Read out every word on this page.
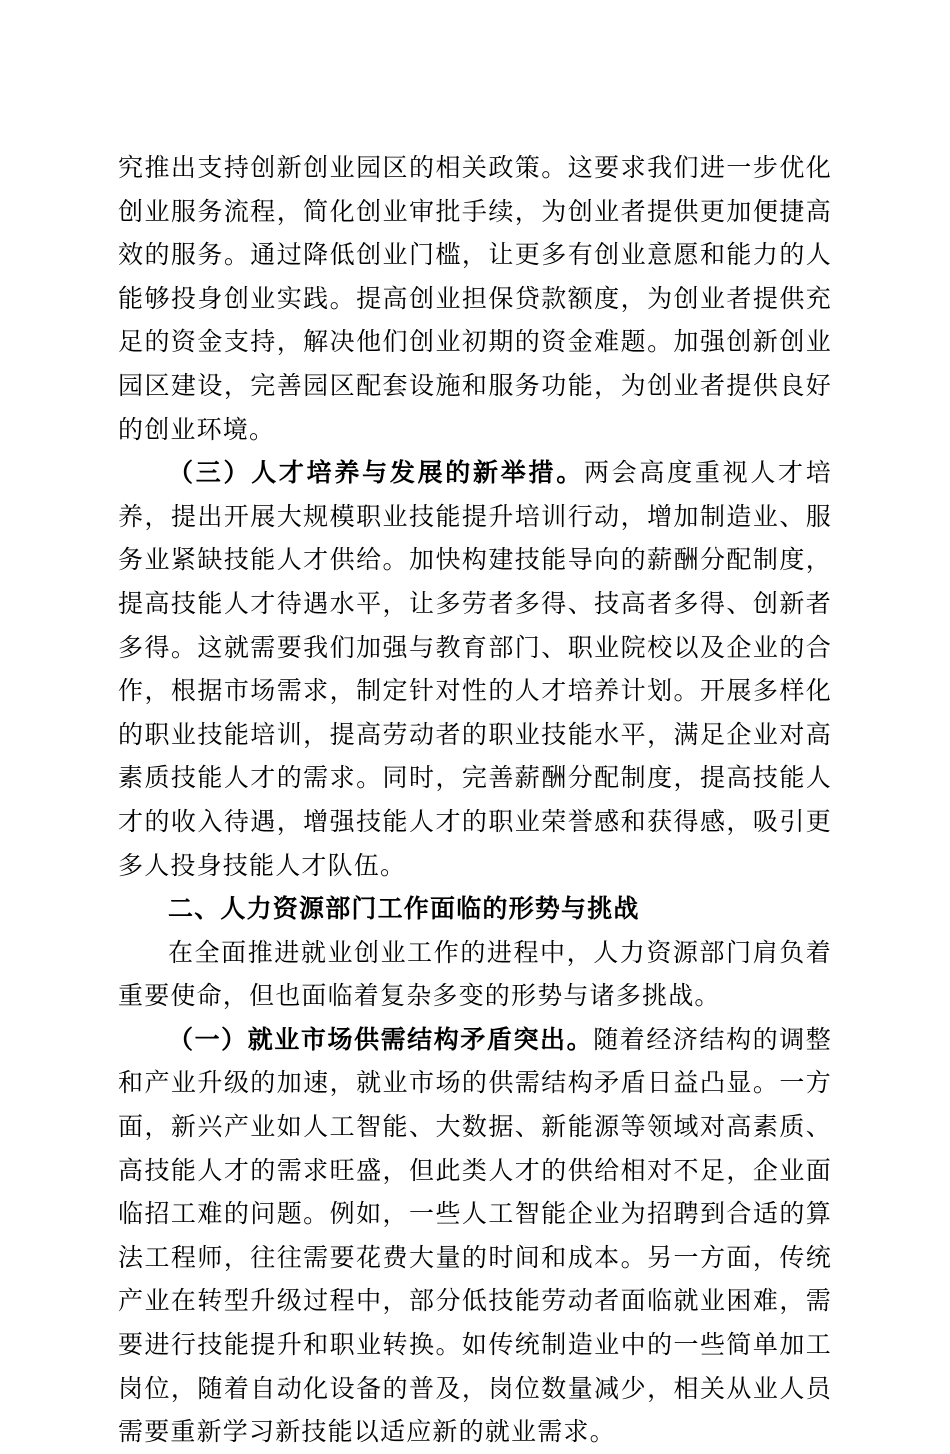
究推出支持创新创业园区的相关政策。这要求我们进一步优化创业服务流程，简化创业审批手续，为创业者提供更加便捷高效的服务。通过降低创业门槛，让更多有创业意愿和能力的人能够投身创业实践。提高创业担保贷款额度，为创业者提供充足的资金支持，解决他们创业初期的资金难题。加强创新创业园区建设，完善园区配套设施和服务功能，为创业者提供良好的创业环境。

（三）人才培养与发展的新举措。两会高度重视人才培养，提出开展大规模职业技能提升培训行动，增加制造业、服务业紧缺技能人才供给。加快构建技能导向的薪酬分配制度，提高技能人才待遇水平，让多劳者多得、技高者多得、创新者多得。这就需要我们加强与教育部门、职业院校以及企业的合作，根据市场需求，制定针对性的人才培养计划。开展多样化的职业技能培训，提高劳动者的职业技能水平，满足企业对高素质技能人才的需求。同时，完善薪酬分配制度，提高技能人才的收入待遇，增强技能人才的职业荣誉感和获得感，吸引更多人投身技能人才队伍。

二、人力资源部门工作面临的形势与挑战

在全面推进就业创业工作的进程中，人力资源部门肩负着重要使命，但也面临着复杂多变的形势与诸多挑战。

（一）就业市场供需结构矛盾突出。随着经济结构的调整和产业升级的加速，就业市场的供需结构矛盾日益凸显。一方面，新兴产业如人工智能、大数据、新能源等领域对高素质、高技能人才的需求旺盛，但此类人才的供给相对不足，企业面临招工难的问题。例如，一些人工智能企业为招聘到合适的算法工程师，往往需要花费大量的时间和成本。另一方面，传统产业在转型升级过程中，部分低技能劳动者面临就业困难，需要进行技能提升和职业转换。如传统制造业中的一些简单加工岗位，随着自动化设备的普及，岗位数量减少，相关从业人员需要重新学习新技能以适应新的就业需求。
